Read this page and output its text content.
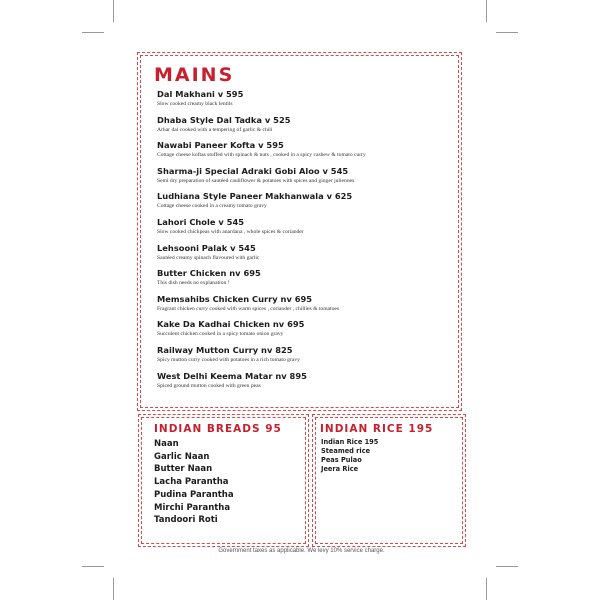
MAINS
Dal Makhani v 595
Slow cooked creamy black lentils
Dhaba Style Dal Tadka v 525
Arhar dal cooked with a tempering of garlic & chili
Nawabi Paneer Kofta v 595
Cottage cheese koftas stuffed with spinach & nuts , cooked in a spicy cashew & tomato curry
Sharma-ji Special Adraki Gobi Aloo v 545
Semi dry preparation of sautéed cauliflower & potatoes with spices and ginger juliennes
Ludhiana Style Paneer Makhanwala v 625
Cottage cheese cooked in a creamy tomato gravy
Lahori Chole v 545
Slow cooked chickpeas with anardana , whole spices & coriander
Lehsooni Palak v 545
Sautéed creamy spinach flavoured with garlic
Butter Chicken nv 695
This dish needs no explanation !
Memsahibs Chicken Curry nv 695
Fragrant chicken curry cooked with warm spices , coriander , chillies & tomatoes
Kake Da Kadhai Chicken nv 695
Succulent chicken cooked in a spicy tomato onion gravy
Railway Mutton Curry nv 825
Spicy mutton curry cooked with potatoes in a rich tomato gravy
West Delhi Keema Matar nv 895
Spiced ground mutton cooked with green peas
INDIAN BREADS 95
Naan
Garlic Naan
Butter Naan
Lacha Parantha
Pudina Parantha
Mirchi Parantha
Tandoori Roti
INDIAN RICE 195
Indian Rice 195
Steamed rice
Peas Pulao
Jeera Rice
Government taxes as applicable. We levy 10% service charge.
